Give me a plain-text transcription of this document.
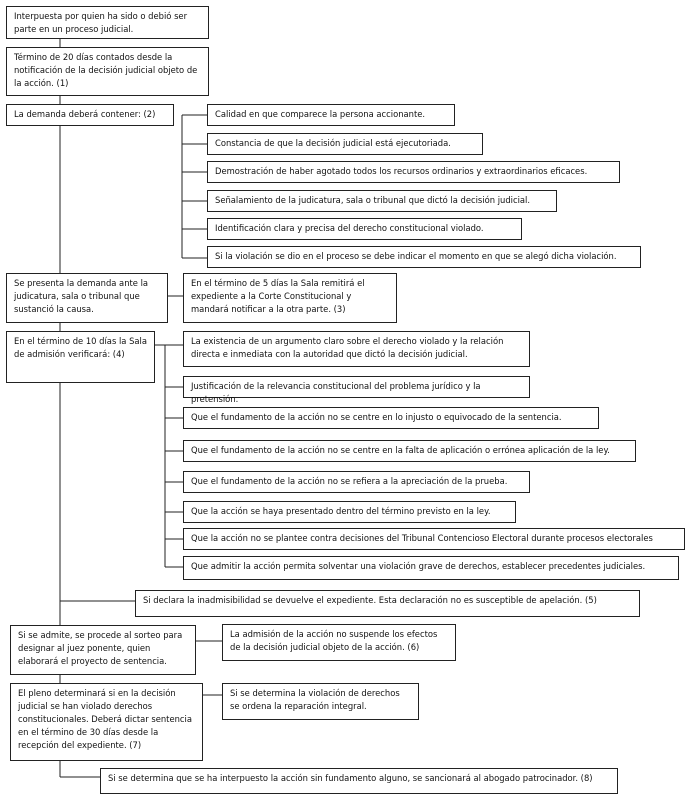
Interpuesta por quien ha sido o debió ser parte en un proceso judicial.
Término de 20 días contados desde la notificación de la decisión judicial objeto de la acción. (1)
La demanda deberá contener: (2)	Calidad en que comparece la persona accionante.
Constancia de que la decisión judicial está ejecutoriada.
Demostración de haber agotado todos los recursos ordinarios y extraordinarios eficaces.
Señalamiento de la judicatura, sala o tribunal que dictó la decisión judicial.
Identificación clara y precisa del derecho constitucional violado.
Si la violación se dio en el proceso se debe indicar el momento en que se alegó dicha violación.
Se presenta la demanda ante la judicatura, sala o tribunal que sustanció la causa.
En el término de 5 días la Sala remitirá el expediente a la Corte Constitucional y mandará notificar a la otra parte. (3)
En el término de 10 días la Sala de admisión verificará: (4)
La existencia de un argumento claro sobre el derecho violado y la relación directa e inmediata con la autoridad que dictó la decisión judicial.
Justificación de la relevancia constitucional del problema jurídico y la pretensión.
Que el fundamento de la acción no se centre en lo injusto o equivocado de la sentencia.
Que el fundamento de la acción no se centre en la falta de aplicación o errónea aplicación de la ley.
Que el fundamento de la acción no se refiera a la apreciación de la prueba.
Que la acción se haya presentado dentro del término previsto en la ley.
Que la acción no se plantee contra decisiones del Tribunal Contencioso Electoral durante procesos electorales
Que admitir la acción permita solventar una violación grave de derechos, establecer precedentes judiciales.
Si declara la inadmisibilidad se devuelve el expediente. Esta declaración no es susceptible de apelación. (5)
Si se admite, se procede al sorteo para designar al juez ponente, quien elaborará el proyecto de sentencia.
La admisión de la acción no suspende los efectos de la decisión judicial objeto de la acción. (6)
El pleno determinará si en la decisión judicial se han violado derechos constitucionales. Deberá dictar sentencia en el término de 30 días desde la recepción del expediente. (7)
Si se determina la violación de derechos se ordena la reparación integral.
Si se determina que se ha interpuesto la acción sin fundamento alguno, se sancionará al abogado patrocinador. (8)
